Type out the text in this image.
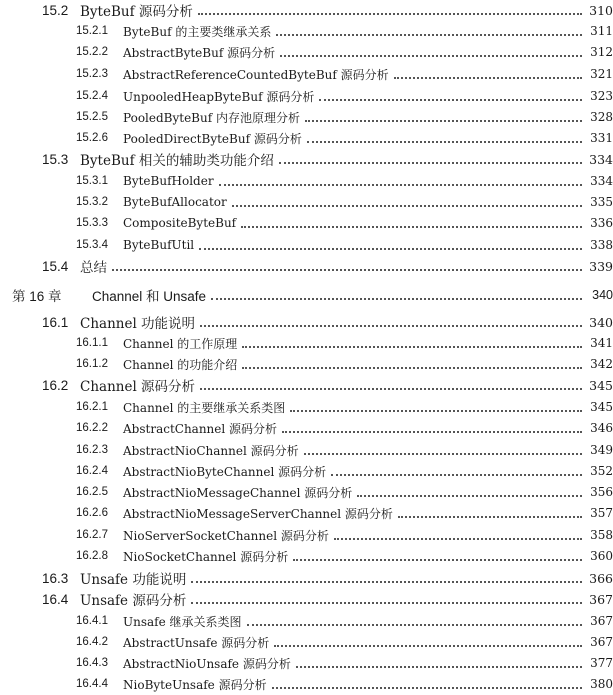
15.2 ByteBuf 源码分析	310
15.2.1	ByteBuf 的主要类继承关系	311
15.2.2	AbstractByteBuf 源码分析	312
15.2.3	AbstractReferenceCountedByteBuf 源码分析	321
15.2.4	UnpooledHeapByteBuf 源码分析	323
15.2.5	PooledByteBuf 内存池原理分析	328
15.2.6	PooledDirectByteBuf 源码分析	331
15.3 ByteBuf 相关的辅助类功能介绍	334
15.3.1	ByteBufHolder	334
15.3.2	ByteBufAllocator	335
15.3.3	CompositeByteBuf	336
15.3.4	ByteBufUtil	338
15.4 总结	339
第 16 章	Channel 和 Unsafe	340
16.1 Channel 功能说明	340
16.1.1	Channel 的工作原理	341
16.1.2	Channel 的功能介绍	342
16.2 Channel 源码分析	345
16.2.1	Channel 的主要继承关系类图	345
16.2.2	AbstractChannel 源码分析	346
16.2.3	AbstractNioChannel 源码分析	349
16.2.4	AbstractNioByteChannel 源码分析	352
16.2.5	AbstractNioMessageChannel 源码分析	356
16.2.6	AbstractNioMessageServerChannel 源码分析	357
16.2.7	NioServerSocketChannel 源码分析	358
16.2.8	NioSocketChannel 源码分析	360
16.3 Unsafe 功能说明	366
16.4 Unsafe 源码分析	367
16.4.1	Unsafe 继承关系类图	367
16.4.2	AbstractUnsafe 源码分析	367
16.4.3	AbstractNioUnsafe 源码分析	377
16.4.4	NioByteUnsafe 源码分析	380
